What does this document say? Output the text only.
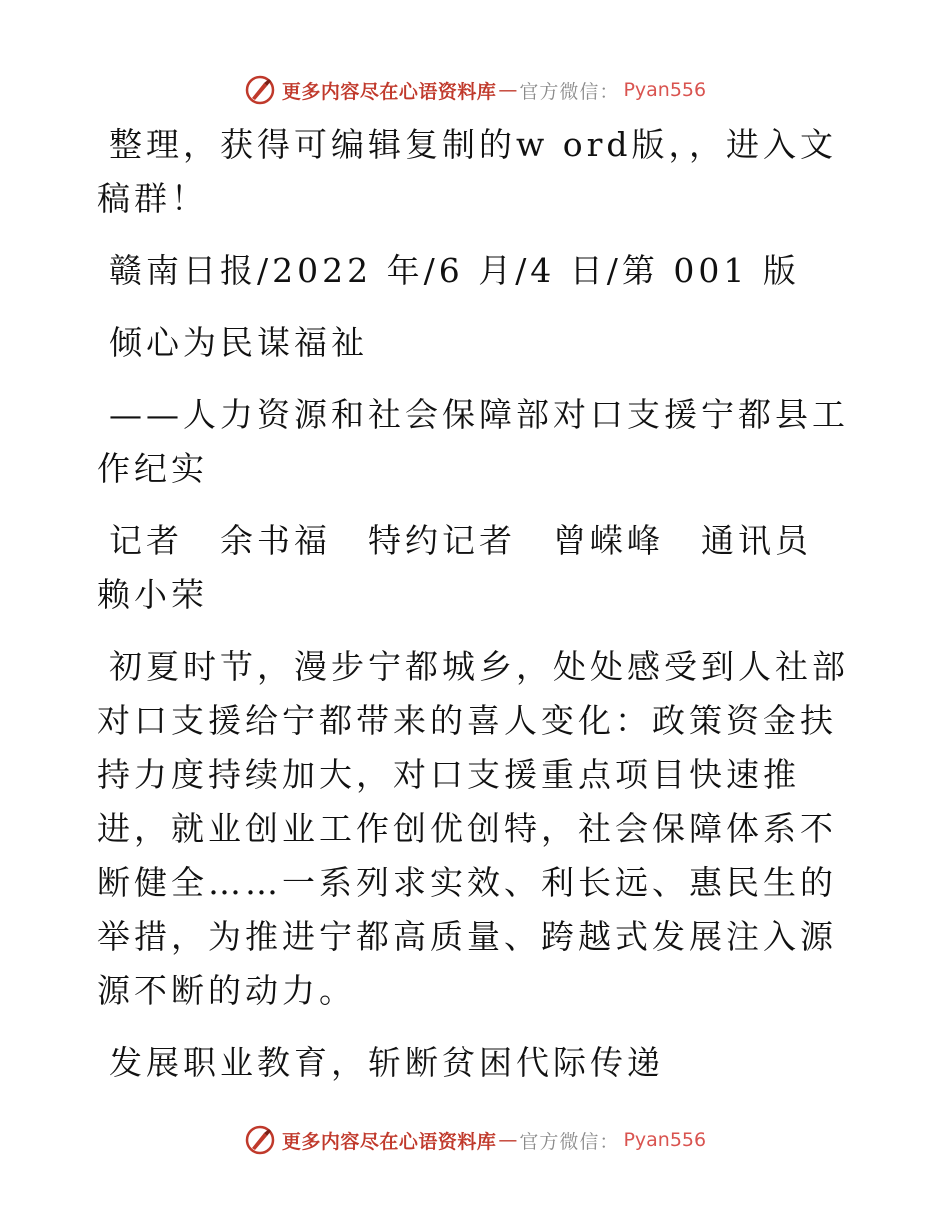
更多内容尽在心语资料库 — 官方微信： Pyan556

整理，获得可编辑复制的w ord版，，进入文稿群！

赣南日报/2022 年/6 月/4 日/第 001 版

倾心为民谋福祉

——人力资源和社会保障部对口支援宁都县工作纪实

记者　余书福　特约记者　曾嵘峰　通讯员　赖小荣

初夏时节，漫步宁都城乡，处处感受到人社部对口支援给宁都带来的喜人变化：政策资金扶持力度持续加大，对口支援重点项目快速推进，就业创业工作创优创特，社会保障体系不断健全……一系列求实效、利长远、惠民生的举措，为推进宁都高质量、跨越式发展注入源源不断的动力。

发展职业教育，斩断贫困代际传递

更多内容尽在心语资料库 — 官方微信： Pyan556
